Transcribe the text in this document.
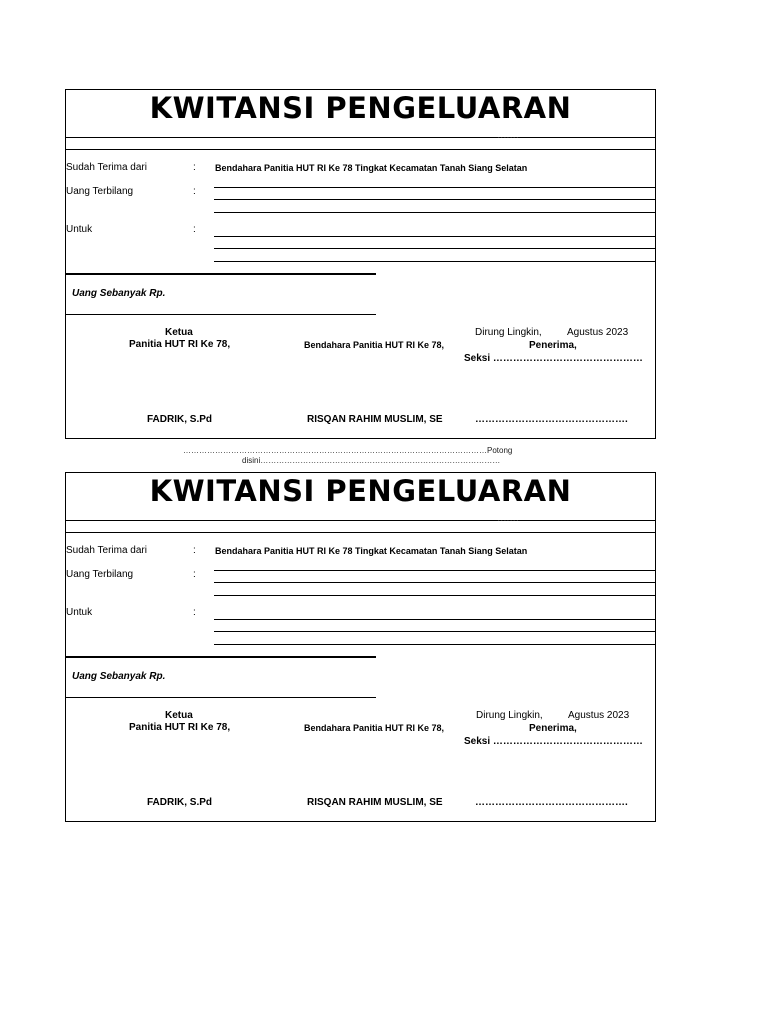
KWITANSI PENGELUARAN
· · · · · · ·
Sudah Terima dari	: Bendahara Panitia HUT RI Ke 78 Tingkat Kecamatan Tanah Siang Selatan
Uang Terbilang	:
Untuk	:
Uang Sebanyak Rp.
Ketua
Panitia HUT RI Ke 78,	Bendahara Panitia HUT RI Ke 78,
Dirung Lingkin,	Agustus 2023
Penerima,
Seksi ………………………………………
FADRIK, S.Pd	RISQAN RAHIM MUSLIM, SE	……………………………………….
……………………………………………………………………………………………………Potong
disini………………………………………………………………………………
KWITANSI PENGELUARAN
· · · · · · ·
Sudah Terima dari	: Bendahara Panitia HUT RI Ke 78 Tingkat Kecamatan Tanah Siang Selatan
Uang Terbilang	:
Untuk	:
Uang Sebanyak Rp.
Ketua
Panitia HUT RI Ke 78,	Bendahara Panitia HUT RI Ke 78,
Dirung Lingkin,	Agustus 2023
Penerima,
Seksi ………………………………………
FADRIK, S.Pd	RISQAN RAHIM MUSLIM, SE	……………………………………….
